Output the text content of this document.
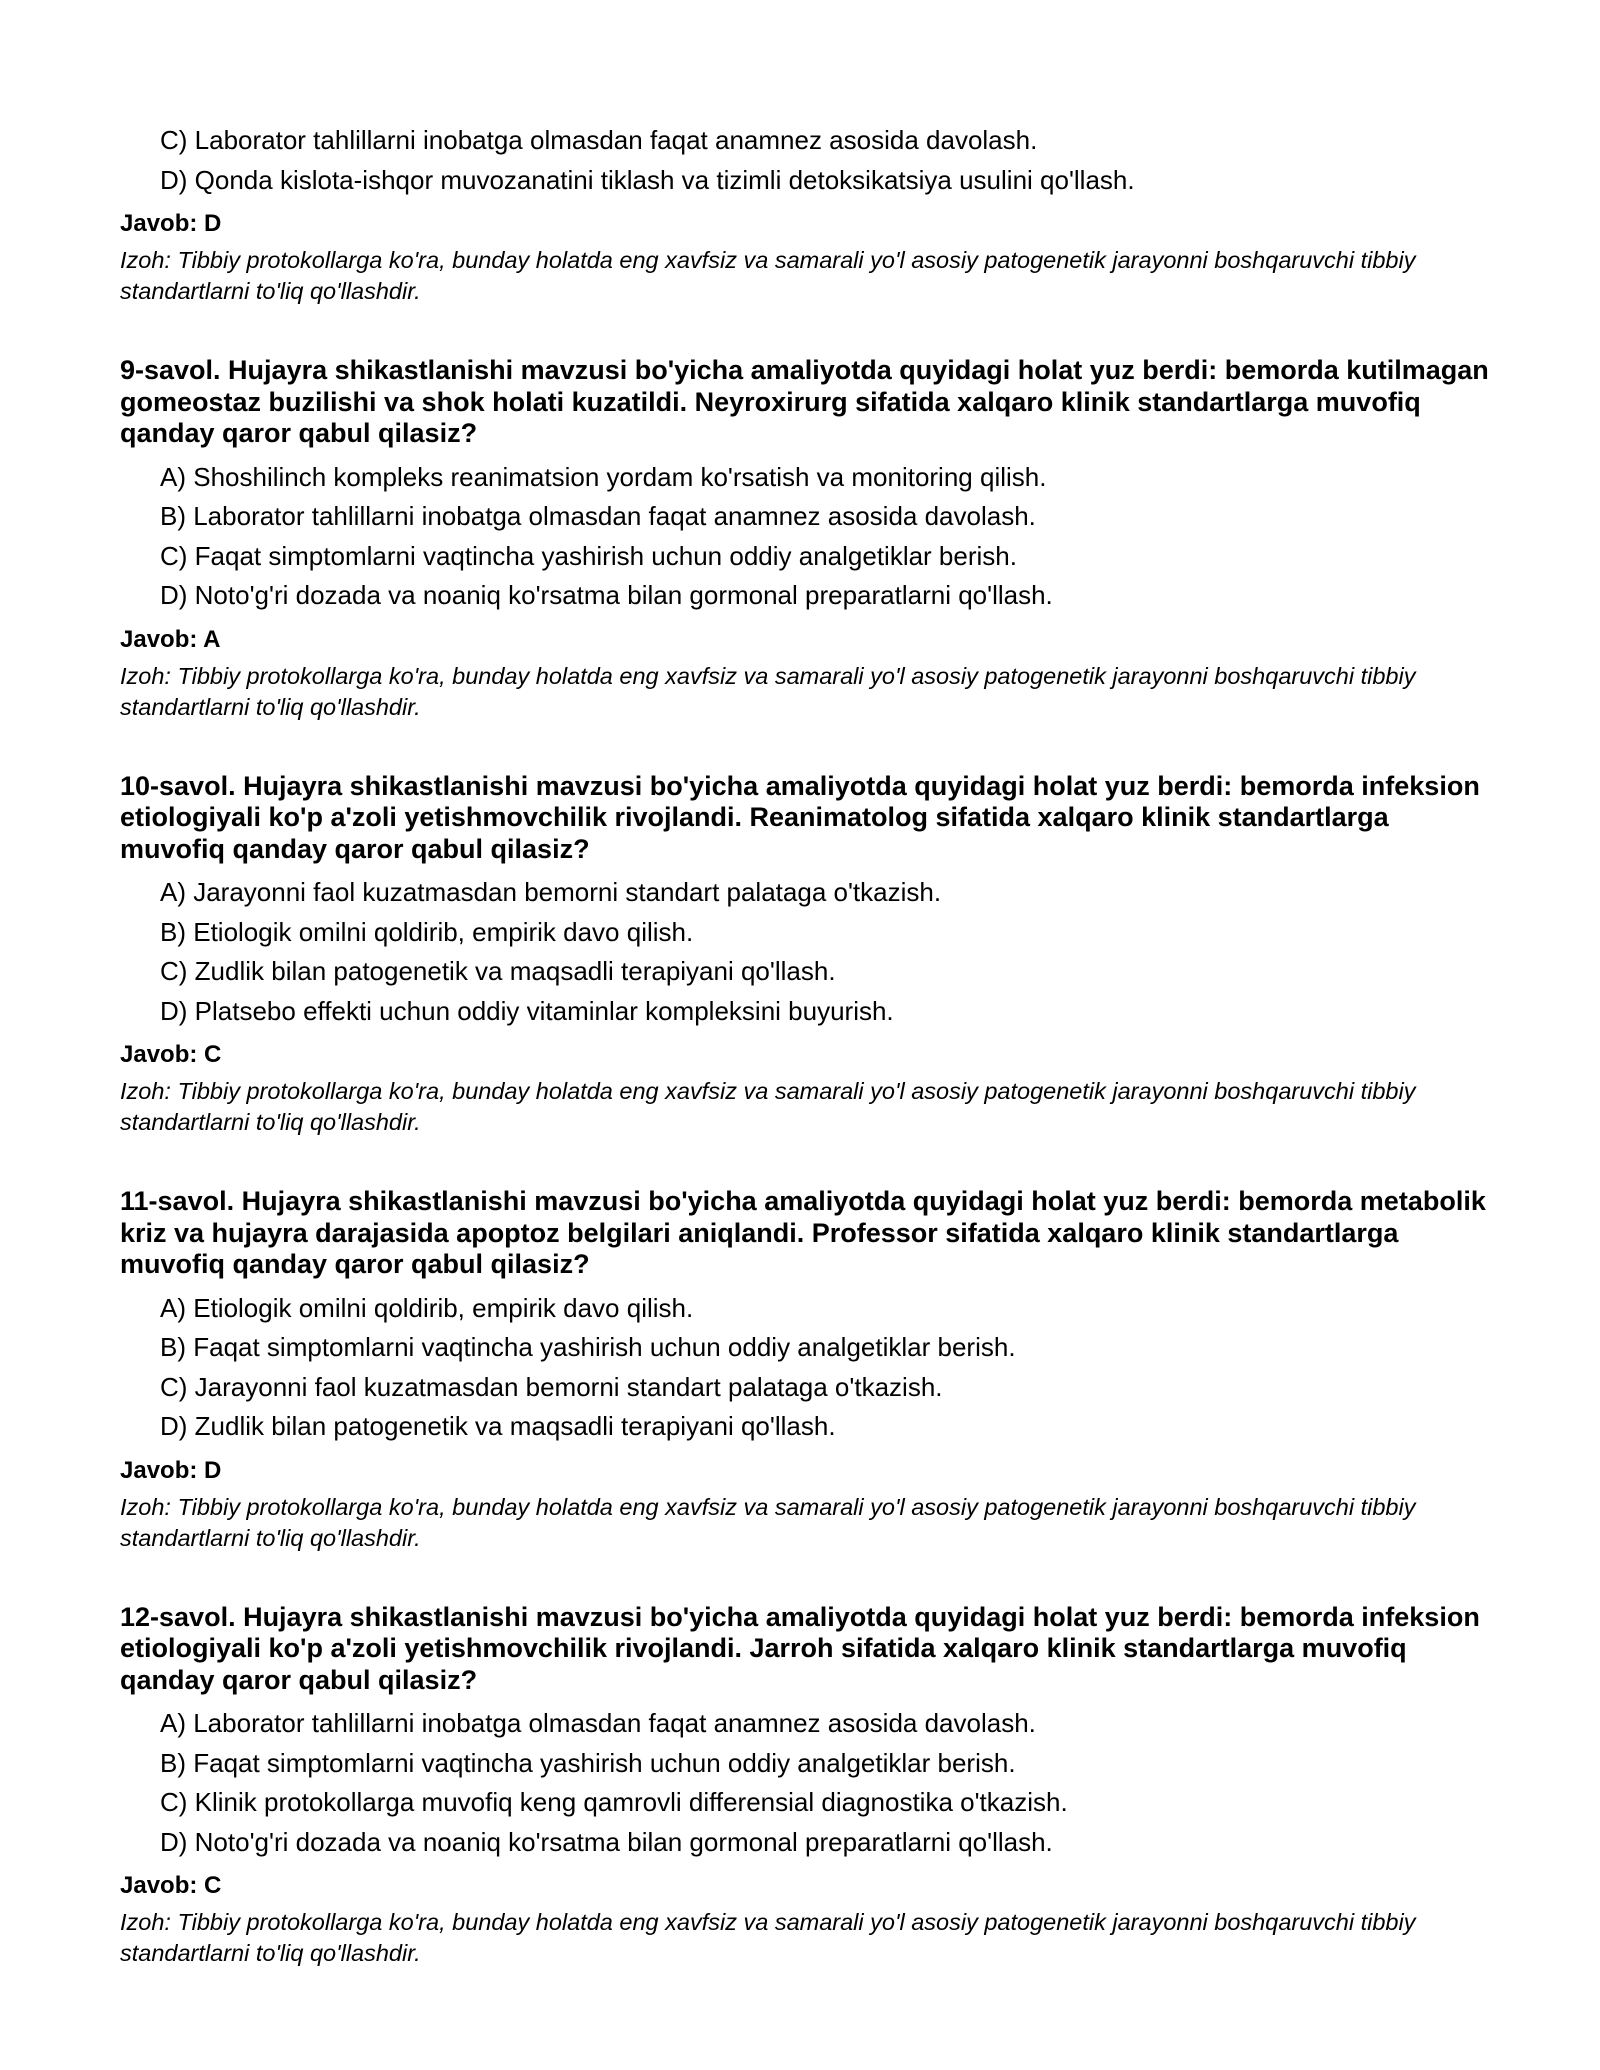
C) Laborator tahlillarni inobatga olmasdan faqat anamnez asosida davolash.
D) Qonda kislota-ishqor muvozanatini tiklash va tizimli detoksikatsiya usulini qo'llash.
Javob: D
Izoh: Tibbiy protokollarga ko'ra, bunday holatda eng xavfsiz va samarali yo'l asosiy patogenetik jarayonni boshqaruvchi tibbiy standartlarni to'liq qo'llashdir.
9-savol. Hujayra shikastlanishi mavzusi bo'yicha amaliyotda quyidagi holat yuz berdi: bemorda kutilmagan gomeostaz buzilishi va shok holati kuzatildi. Neyroxirurg sifatida xalqaro klinik standartlarga muvofiq qanday qaror qabul qilasiz?
A) Shoshilinch kompleks reanimatsion yordam ko'rsatish va monitoring qilish.
B) Laborator tahlillarni inobatga olmasdan faqat anamnez asosida davolash.
C) Faqat simptomlarni vaqtincha yashirish uchun oddiy analgetiklar berish.
D) Noto'g'ri dozada va noaniq ko'rsatma bilan gormonal preparatlarni qo'llash.
Javob: A
Izoh: Tibbiy protokollarga ko'ra, bunday holatda eng xavfsiz va samarali yo'l asosiy patogenetik jarayonni boshqaruvchi tibbiy standartlarni to'liq qo'llashdir.
10-savol. Hujayra shikastlanishi mavzusi bo'yicha amaliyotda quyidagi holat yuz berdi: bemorda infeksion etiologiyali ko'p a'zoli yetishmovchilik rivojlandi. Reanimatolog sifatida xalqaro klinik standartlarga muvofiq qanday qaror qabul qilasiz?
A) Jarayonni faol kuzatmasdan bemorni standart palataga o'tkazish.
B) Etiologik omilni qoldirib, empirik davo qilish.
C) Zudlik bilan patogenetik va maqsadli terapiyani qo'llash.
D) Platsebo effekti uchun oddiy vitaminlar kompleksini buyurish.
Javob: C
Izoh: Tibbiy protokollarga ko'ra, bunday holatda eng xavfsiz va samarali yo'l asosiy patogenetik jarayonni boshqaruvchi tibbiy standartlarni to'liq qo'llashdir.
11-savol. Hujayra shikastlanishi mavzusi bo'yicha amaliyotda quyidagi holat yuz berdi: bemorda metabolik kriz va hujayra darajasida apoptoz belgilari aniqlandi. Professor sifatida xalqaro klinik standartlarga muvofiq qanday qaror qabul qilasiz?
A) Etiologik omilni qoldirib, empirik davo qilish.
B) Faqat simptomlarni vaqtincha yashirish uchun oddiy analgetiklar berish.
C) Jarayonni faol kuzatmasdan bemorni standart palataga o'tkazish.
D) Zudlik bilan patogenetik va maqsadli terapiyani qo'llash.
Javob: D
Izoh: Tibbiy protokollarga ko'ra, bunday holatda eng xavfsiz va samarali yo'l asosiy patogenetik jarayonni boshqaruvchi tibbiy standartlarni to'liq qo'llashdir.
12-savol. Hujayra shikastlanishi mavzusi bo'yicha amaliyotda quyidagi holat yuz berdi: bemorda infeksion etiologiyali ko'p a'zoli yetishmovchilik rivojlandi. Jarroh sifatida xalqaro klinik standartlarga muvofiq qanday qaror qabul qilasiz?
A) Laborator tahlillarni inobatga olmasdan faqat anamnez asosida davolash.
B) Faqat simptomlarni vaqtincha yashirish uchun oddiy analgetiklar berish.
C) Klinik protokollarga muvofiq keng qamrovli differensial diagnostika o'tkazish.
D) Noto'g'ri dozada va noaniq ko'rsatma bilan gormonal preparatlarni qo'llash.
Javob: C
Izoh: Tibbiy protokollarga ko'ra, bunday holatda eng xavfsiz va samarali yo'l asosiy patogenetik jarayonni boshqaruvchi tibbiy standartlarni to'liq qo'llashdir.
